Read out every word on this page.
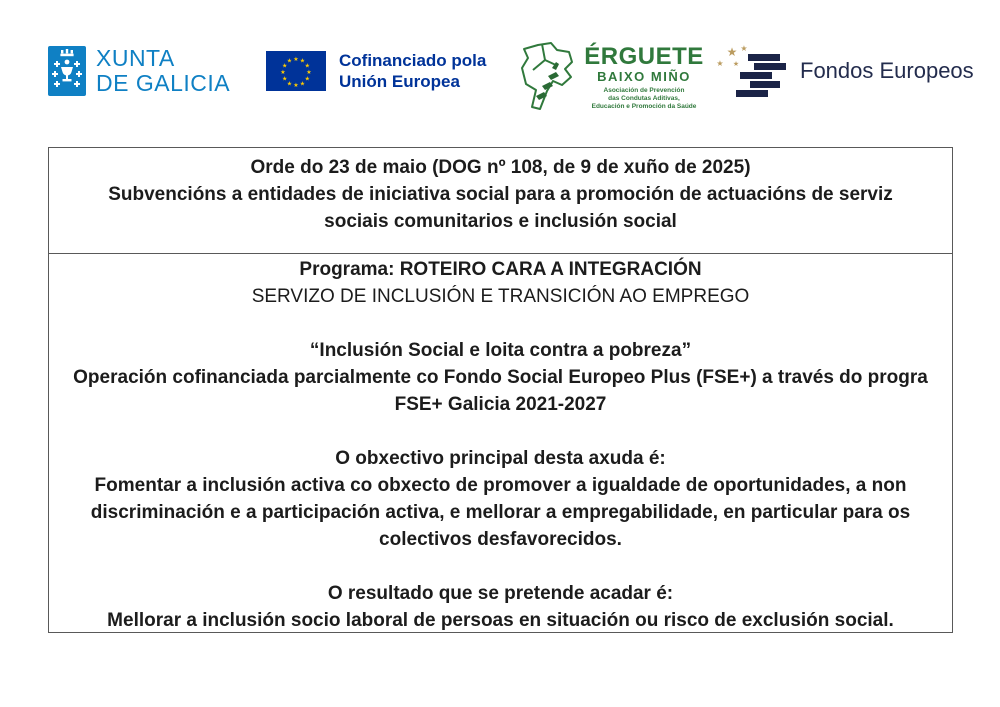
XUNTA
DE GALICIA
★ ★
★
★
★
★
★
★
★
★
★
★	Cofinanciado pola
Unión Europea
ÉRGUETE
BAIXO MIÑO
Asociación de Prevención
das Condutas Aditivas,
Educación e Promoción da Saúde
★ ★
★ ★	Fondos Europeos
Orde do 23 de maio (DOG nº 108, de 9 de xuño de 2025)
Subvencións a entidades de iniciativa social para a promoción de actuacións de serviz
sociais comunitarios e inclusión social
Programa: ROTEIRO CARA A INTEGRACIÓN
SERVIZO DE INCLUSIÓN E TRANSICIÓN AO EMPREGO
“Inclusión Social e loita contra a pobreza”
Operación cofinanciada parcialmente co Fondo Social Europeo Plus (FSE+) a través do progra
FSE+ Galicia 2021-2027
O obxectivo principal desta axuda é:
Fomentar a inclusión activa co obxecto de promover a igualdade de oportunidades, a non
discriminación e a participación activa, e mellorar a empregabilidade, en particular para os
colectivos desfavorecidos.
O resultado que se pretende acadar é:
Mellorar a inclusión socio laboral de persoas en situación ou risco de exclusión social.
